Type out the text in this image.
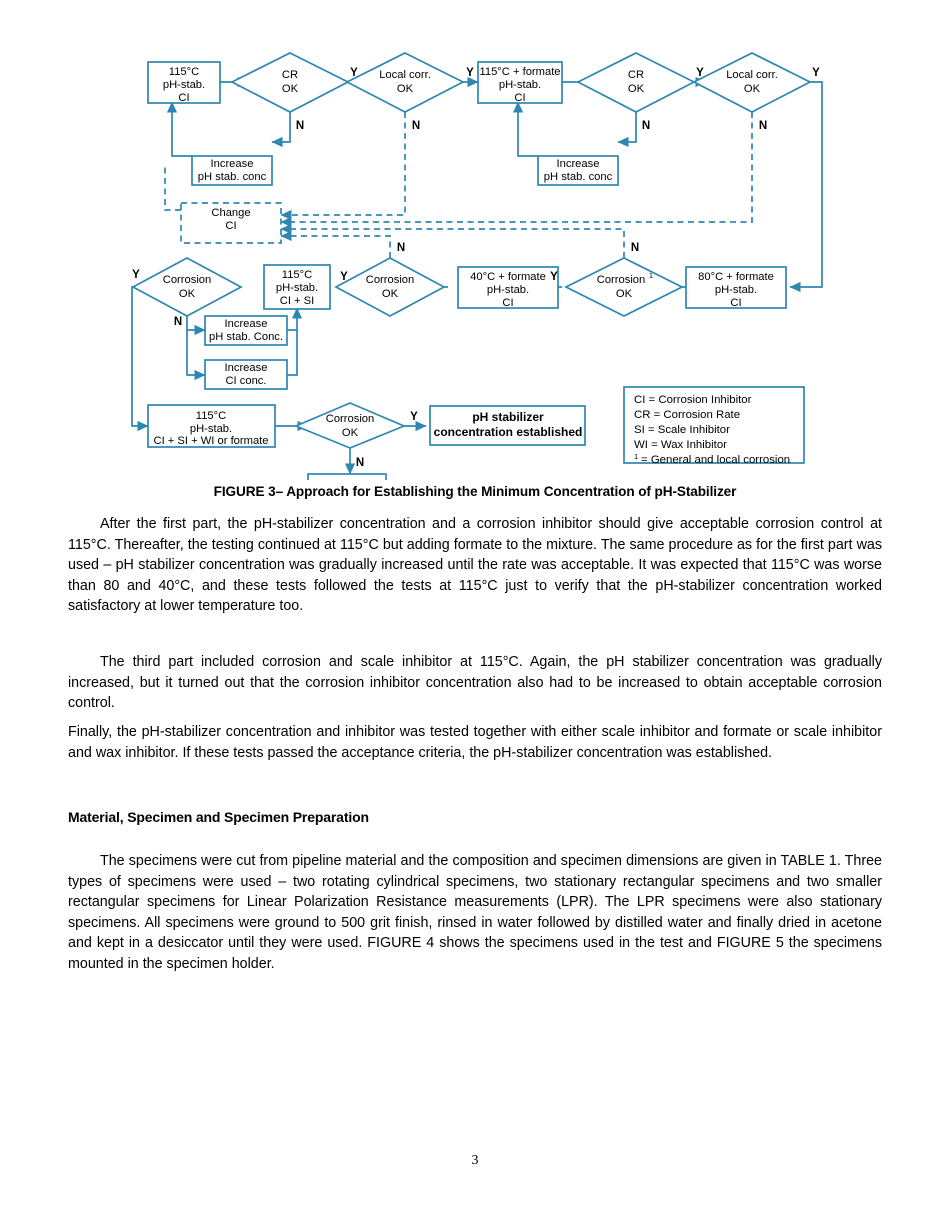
115°C
pH-stab.
CI
CR
OK
Local corr.
OK
115°C + formate
pH-stab.
CI
CR
OK
Local corr.
OK
Increase
pH stab. conc
Increase
pH stab. conc
Change
CI
80°C + formate
pH-stab.
CI
Corrosion 1
OK
40°C + formate
pH-stab.
CI
Corrosion
OK
115°C
pH-stab.
CI + SI
Corrosion
OK
Increase
pH stab. Conc.
Increase
CI conc.
115°C
pH-stab.
CI + SI + WI or formate
Corrosion
OK
pH stabilizer
concentration established
Y
N
Y
N
Y
N
Y
N
N
N
Y
Y
Y
N
Y
N
CI = Corrosion Inhibitor
CR = Corrosion Rate
SI = Scale Inhibitor
WI = Wax Inhibitor
1 = General and local corrosion
FIGURE 3– Approach for Establishing the Minimum Concentration of pH-Stabilizer

After the first part, the pH-stabilizer concentration and a corrosion inhibitor should give acceptable corrosion control at 115°C. Thereafter, the testing continued at 115°C but adding formate to the mixture. The same procedure as for the first part was used – pH stabilizer concentration was gradually increased until the rate was acceptable. It was expected that 115°C was worse than 80 and 40°C, and these tests followed the tests at 115°C just to verify that the pH-stabilizer concentration worked satisfactory at lower temperature too.

The third part included corrosion and scale inhibitor at 115°C. Again, the pH stabilizer concentration was gradually increased, but it turned out that the corrosion inhibitor concentration also had to be increased to obtain acceptable corrosion control.

Finally, the pH-stabilizer concentration and inhibitor was tested together with either scale inhibitor and formate or scale inhibitor and wax inhibitor. If these tests passed the acceptance criteria, the pH-stabilizer concentration was established.

Material, Specimen and Specimen Preparation

The specimens were cut from pipeline material and the composition and specimen dimensions are given in TABLE 1. Three types of specimens were used – two rotating cylindrical specimens, two stationary rectangular specimens and two smaller rectangular specimens for Linear Polarization Resistance measurements (LPR). The LPR specimens were also stationary specimens. All specimens were ground to 500 grit finish, rinsed in water followed by distilled water and finally dried in acetone and kept in a desiccator until they were used. FIGURE 4 shows the specimens used in the test and FIGURE 5 the specimens mounted in the specimen holder.

3
